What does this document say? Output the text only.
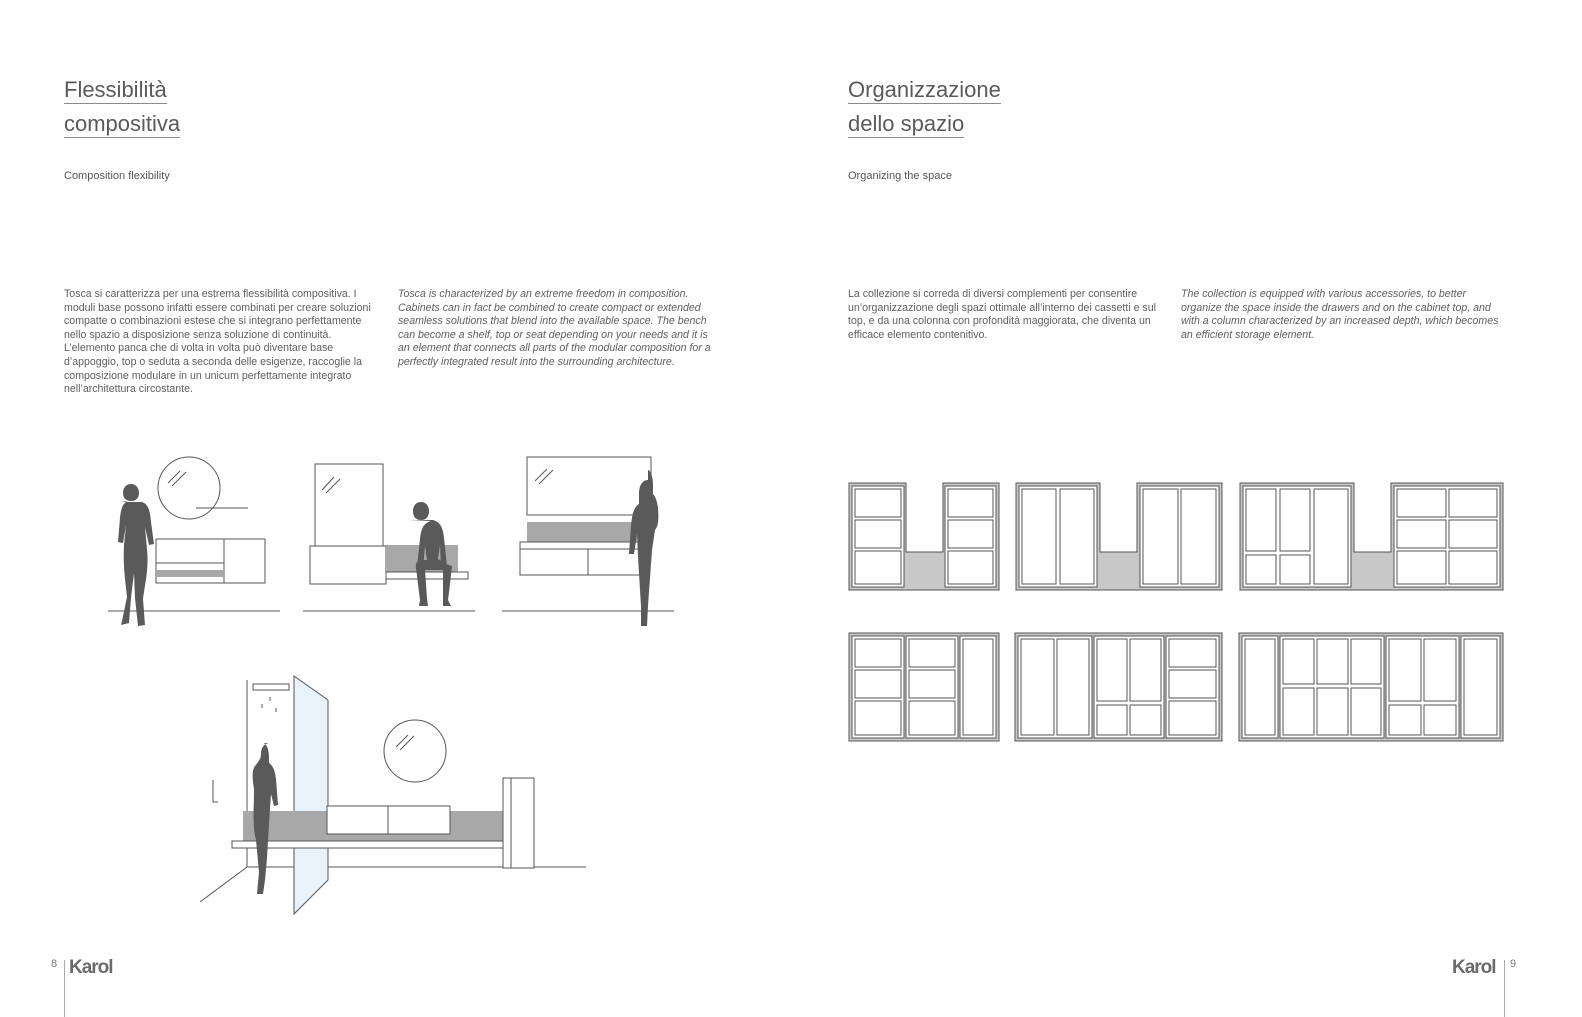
Flessibilità
compositiva
Composition flexibility

Tosca si caratterizza per una estrema flessibilità compositiva. I moduli base possono infatti essere combinati per creare soluzioni compatte o combinazioni estese che si integrano perfettamente nello spazio a disposizione senza soluzione di continuità. L’elemento panca che di volta in volta può diventare base d’appoggio, top o seduta a seconda delle esigenze, raccoglie la composizione modulare in un unicum perfettamente integrato nell’architettura circostante.

Tosca is characterized by an extreme freedom in composition. Cabinets can in fact be combined to create compact or extended seamless solutions that blend into the available space. The bench can become a shelf, top or seat depending on your needs and it is an element that connects all parts of the modular composition for a perfectly integrated result into the surrounding architecture.

Organizzazione
dello spazio
Organizing the space

La collezione si correda di diversi complementi per consentire un’organizzazione degli spazi ottimale all’interno dei cassetti e sul top, e da una colonna con profondità maggiorata, che diventa un efficace elemento contenitivo.

The collection is equipped with various accessories, to better organize the space inside the drawers and on the cabinet top, and with a column characterized by an increased depth, which becomes an efficient storage element.

8 Karol	Karol 9
